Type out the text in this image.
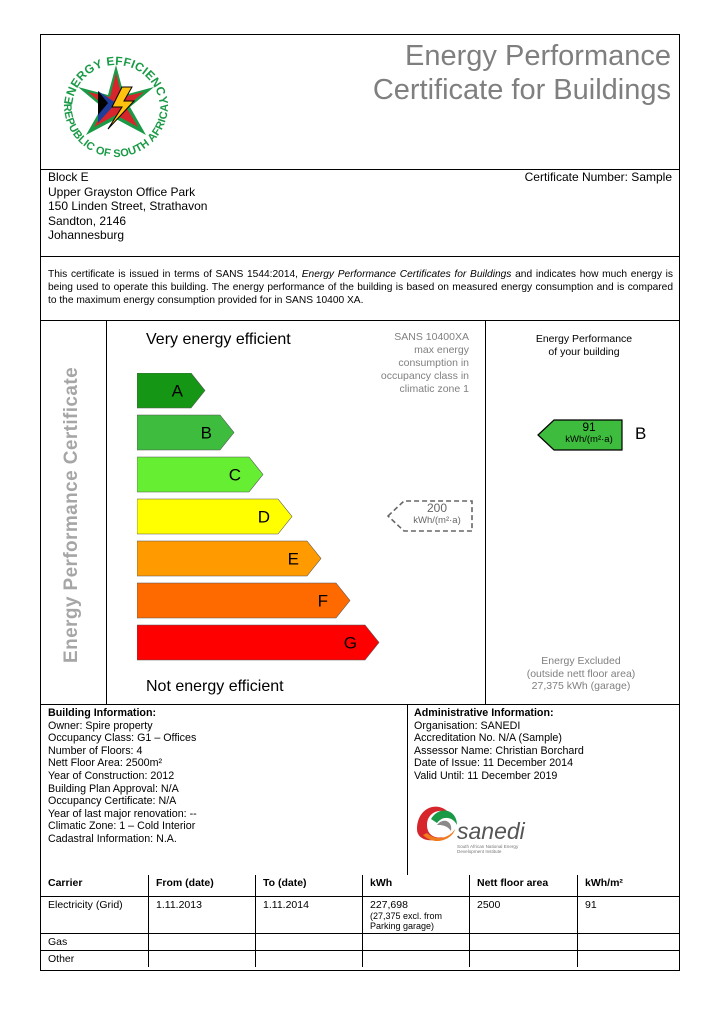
ENERGY EFFICIENCY
REPUBLIC OF SOUTH AFRICA
Energy Performance
Certificate for Buildings
Block E
Upper Grayston Office Park
150 Linden Street, Strathavon
Sandton, 2146
Johannesburg
Certificate Number: Sample
This certificate is issued in terms of SANS 1544:2014, Energy Performance Certificates for Buildings and indicates how much energy is being used to operate this building. The energy performance of the building is based on measured energy consumption and is compared to the maximum energy consumption provided for in SANS 10400 XA.
Energy Performance Certificate
Very energy efficient
Not energy efficient
A
B
C
D
E
F
G
SANS 10400XA
max energy
consumption in
occupancy class in
climatic zone 1
200
kWh/(m²·a)
Energy Performance
of your building
91
kWh/(m²·a)	B
Energy Excluded
(outside nett floor area)
27,375 kWh (garage)
Building Information:
Owner: Spire property
Occupancy Class: G1 – Offices
Number of Floors: 4
Nett Floor Area: 2500m²
Year of Construction: 2012
Building Plan Approval: N/A
Occupancy Certificate: N/A
Year of last major renovation: --
Climatic Zone: 1 – Cold Interior
Cadastral Information: N.A.
Administrative Information:
Organisation: SANEDI
Accreditation No. N/A (Sample)
Assessor Name: Christian Borchard
Date of Issue: 11 December 2014
Valid Until: 11 December 2019
sanedi
South African National Energy
Development Institute
Carrier	From (date)	To (date)	kWh	Nett floor area	kWh/m²
Electricity (Grid)	1.11.2013	1.11.2014	227,698
(27,375 excl. from
Parking garage)	2500	91
Gas					
Other					
